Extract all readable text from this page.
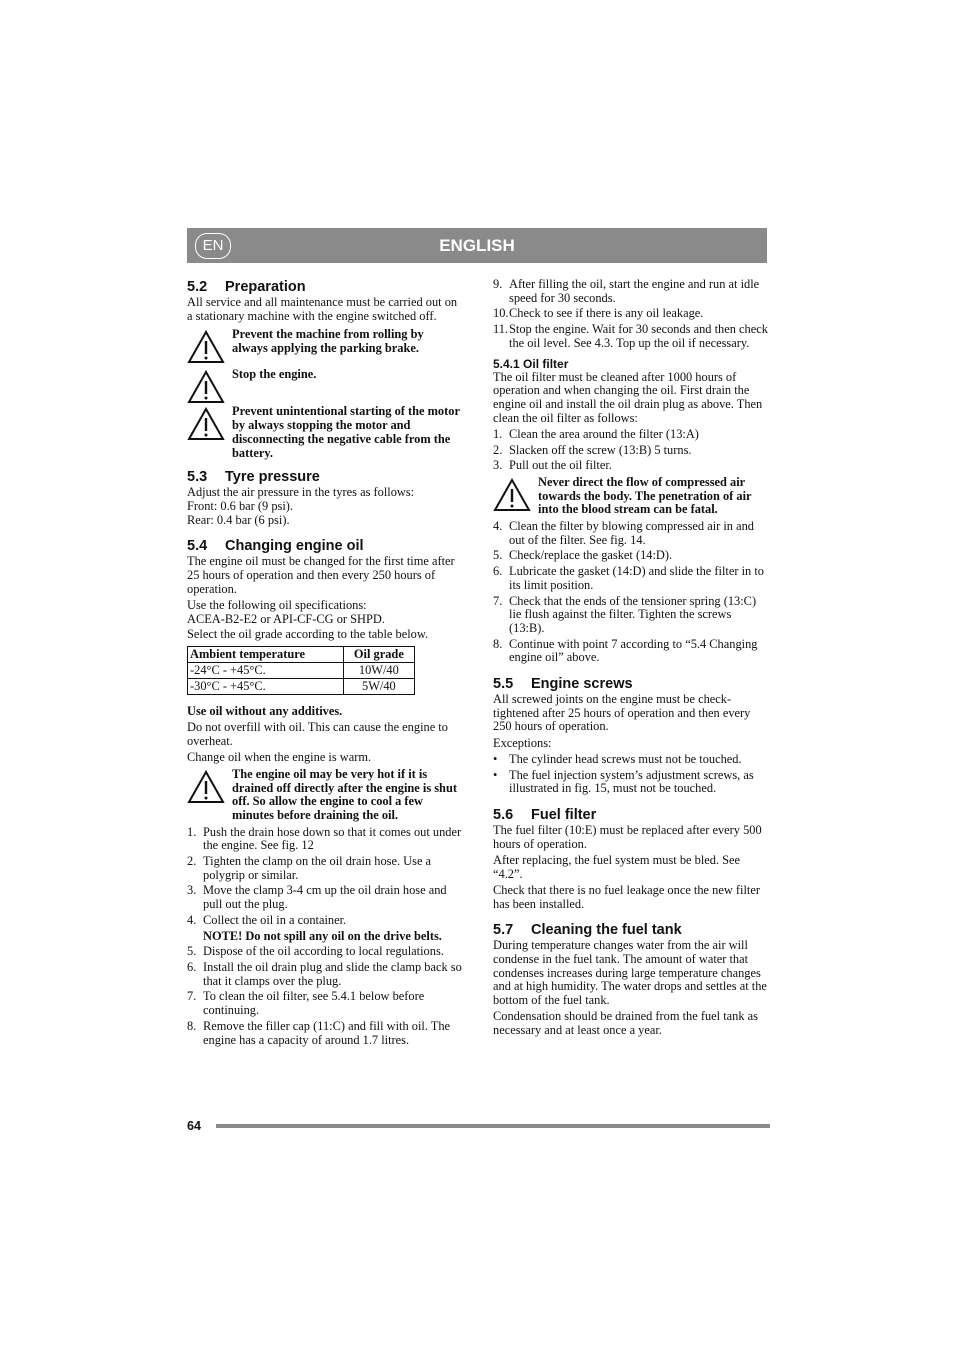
ENGLISH
EN
5.2 Preparation

All service and all maintenance must be carried out on a stationary machine with the engine switched off.

Prevent the machine from rolling by always applying the parking brake.
Stop the engine.
Prevent unintentional starting of the motor by always stopping the motor and disconnecting the negative cable from the battery.
5.3 Tyre pressure
Adjust the air pressure in the tyres as follows:
Front: 0.6 bar (9 psi).
Rear: 0.4 bar (6 psi).
5.4 Changing engine oil

The engine oil must be changed for the first time after 25 hours of operation and then every 250 hours of operation.

Use the following oil specifications:
ACEA-B2-E2 or API-CF-CG or SHPD.

Select the oil grade according to the table below.

Ambient temperature	Oil grade
-24°C - +45°C.	10W/40
-30°C - +45°C.	5W/40

Use oil without any additives.

Do not overfill with oil. This can cause the engine to overheat.

Change oil when the engine is warm.

The engine oil may be very hot if it is drained off directly after the engine is shut off. So allow the engine to cool a few minutes before draining the oil.
1. Push the drain hose down so that it comes out under the engine. See fig. 12
2. Tighten the clamp on the oil drain hose. Use a polygrip or similar.
3. Move the clamp 3-4 cm up the oil drain hose and pull out the plug.
4. Collect the oil in a container.
NOTE! Do not spill any oil on the drive belts.
5. Dispose of the oil according to local regulations.
6. Install the oil drain plug and slide the clamp back so that it clamps over the plug.
7. To clean the oil filter, see 5.4.1 below before continuing.
8. Remove the filler cap (11:C) and fill with oil. The engine has a capacity of around 1.7 litres.
9. After filling the oil, start the engine and run at idle speed for 30 seconds.
10. Check to see if there is any oil leakage.
11. Stop the engine. Wait for 30 seconds and then check the oil level. See 4.3. Top up the oil if necessary.
5.4.1 Oil filter

The oil filter must be cleaned after 1000 hours of operation and when changing the oil. First drain the engine oil and install the oil drain plug as above. Then clean the oil filter as follows:

1. Clean the area around the filter (13:A)
2. Slacken off the screw (13:B) 5 turns.
3. Pull out the oil filter.
Never direct the flow of compressed air towards the body. The penetration of air into the blood stream can be fatal.
4. Clean the filter by blowing compressed air in and out of the filter. See fig. 14.
5. Check/replace the gasket (14:D).
6. Lubricate the gasket (14:D) and slide the filter in to its limit position.
7. Check that the ends of the tensioner spring (13:C) lie flush against the filter. Tighten the screws (13:B).
8. Continue with point 7 according to “5.4 Changing engine oil” above.
5.5 Engine screws

All screwed joints on the engine must be check-tightened after 25 hours of operation and then every 250 hours of operation.

Exceptions:

• The cylinder head screws must not be touched.
• The fuel injection system’s adjustment screws, as illustrated in fig. 15, must not be touched.
5.6 Fuel filter

The fuel filter (10:E) must be replaced after every 500 hours of operation.

After replacing, the fuel system must be bled. See “4.2”.

Check that there is no fuel leakage once the new filter has been installed.

5.7 Cleaning the fuel tank

During temperature changes water from the air will condense in the fuel tank. The amount of water that condenses increases during large temperature changes and at high humidity. The water drops and settles at the bottom of the fuel tank.

Condensation should be drained from the fuel tank as necessary and at least once a year.

64
